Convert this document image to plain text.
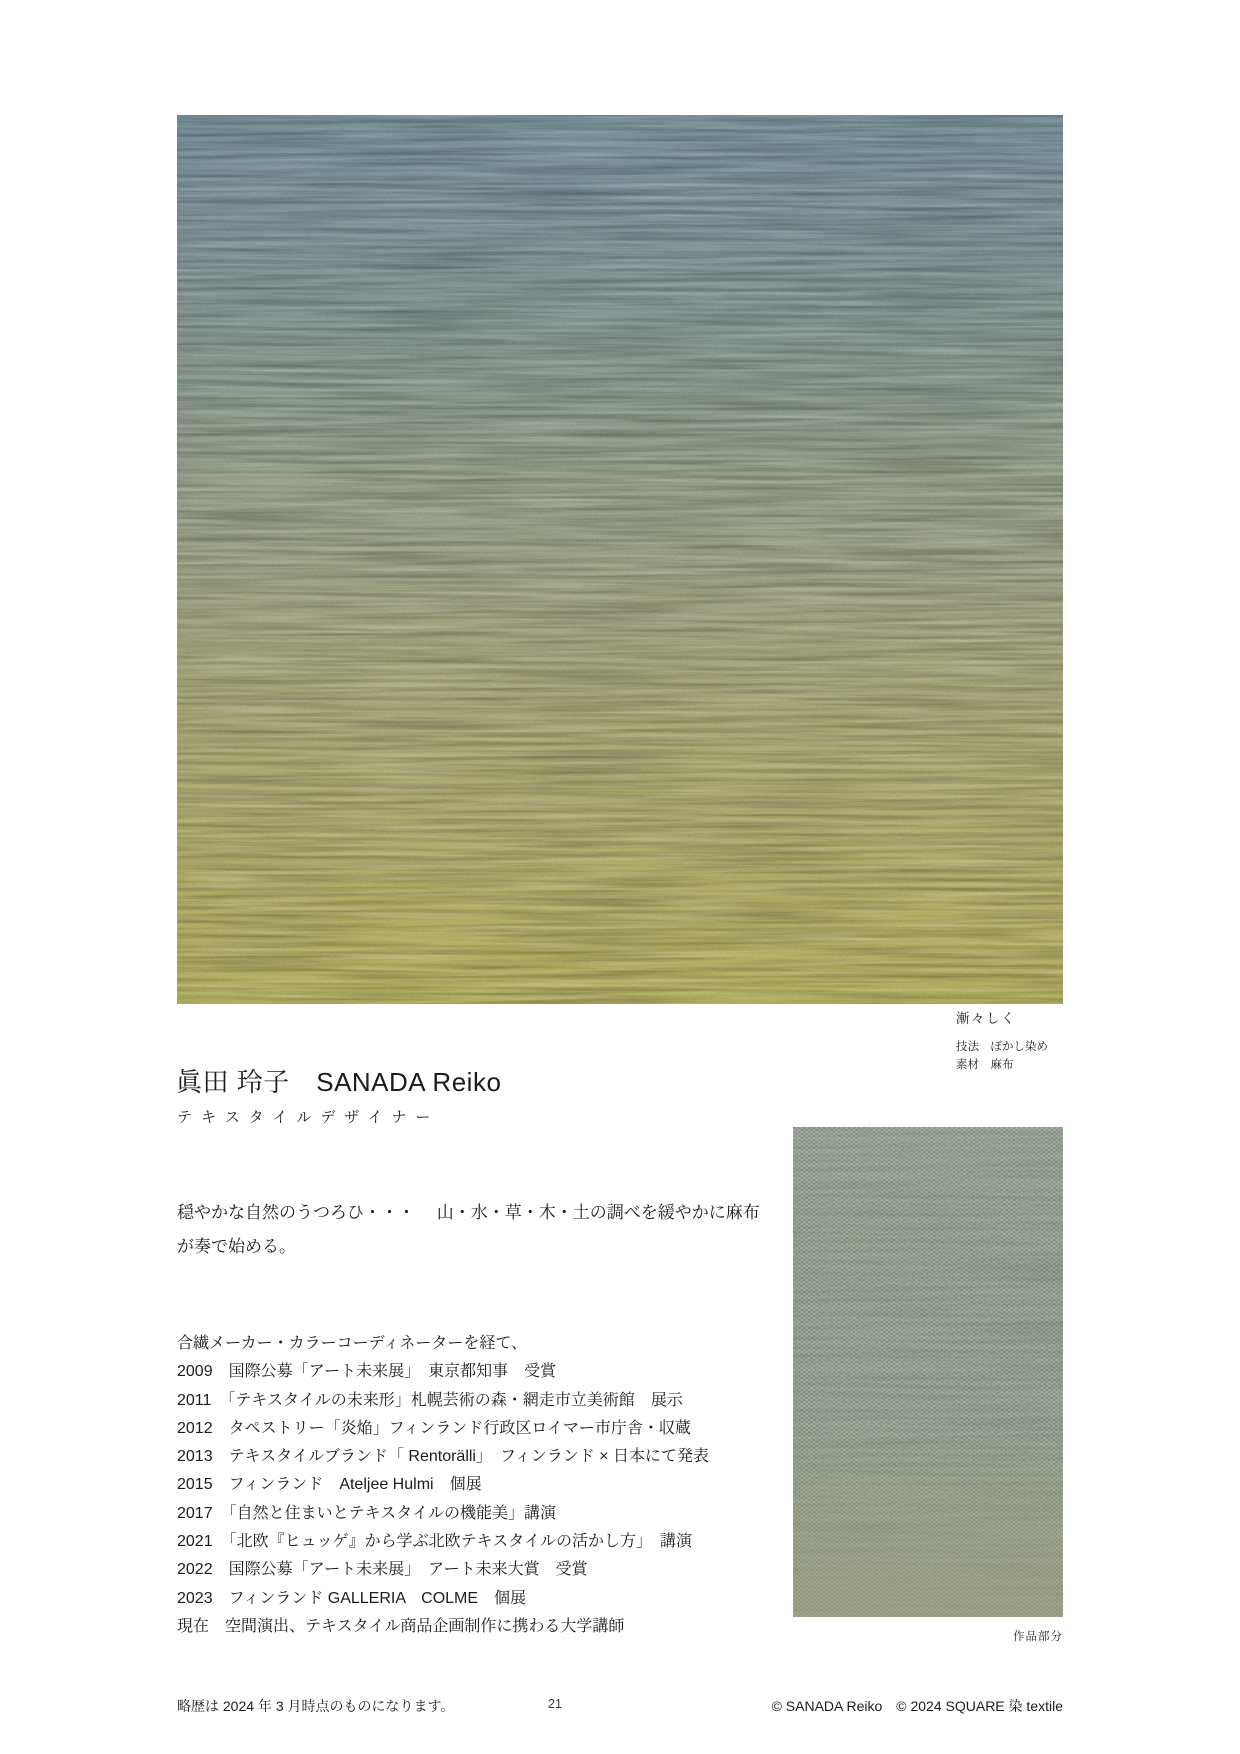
漸々しく
技法　ぼかし染め
素材　麻布
眞田 玲子　SANADA Reiko
テキスタイルデザイナー
穏やかな自然のうつろひ・・・　 山・水・草・木・土の調べを緩やかに麻布
が奏で始める。
合繊メーカー・カラーコーディネーターを経て、
2009　国際公募「アート未来展」　東京都知事　受賞
2011　「テキスタイルの未来形」札幌芸術の森・網走市立美術館　展示
2012　タペストリー「炎焔」フィンランド行政区ロイマー市庁舎・収蔵
2013　テキスタイルブランド「 Rentorälli」　フィンランド × 日本にて発表
2015　フィンランド　Ateljee Hulmi　個展
2017　「自然と住まいとテキスタイルの機能美」講演
2021　「北欧『ヒュッゲ』から学ぶ北欧テキスタイルの活かし方」　講演
2022　国際公募「アート未来展」　アート未来大賞　受賞
2023　フィンランド GALLERIA　COLME　個展
現在　空間演出、テキスタイル商品企画制作に携わる大学講師
作品部分
略歴は 2024 年 3 月時点のものになります。	21	© SANADA Reiko　© 2024 SQUARE 染 textile
